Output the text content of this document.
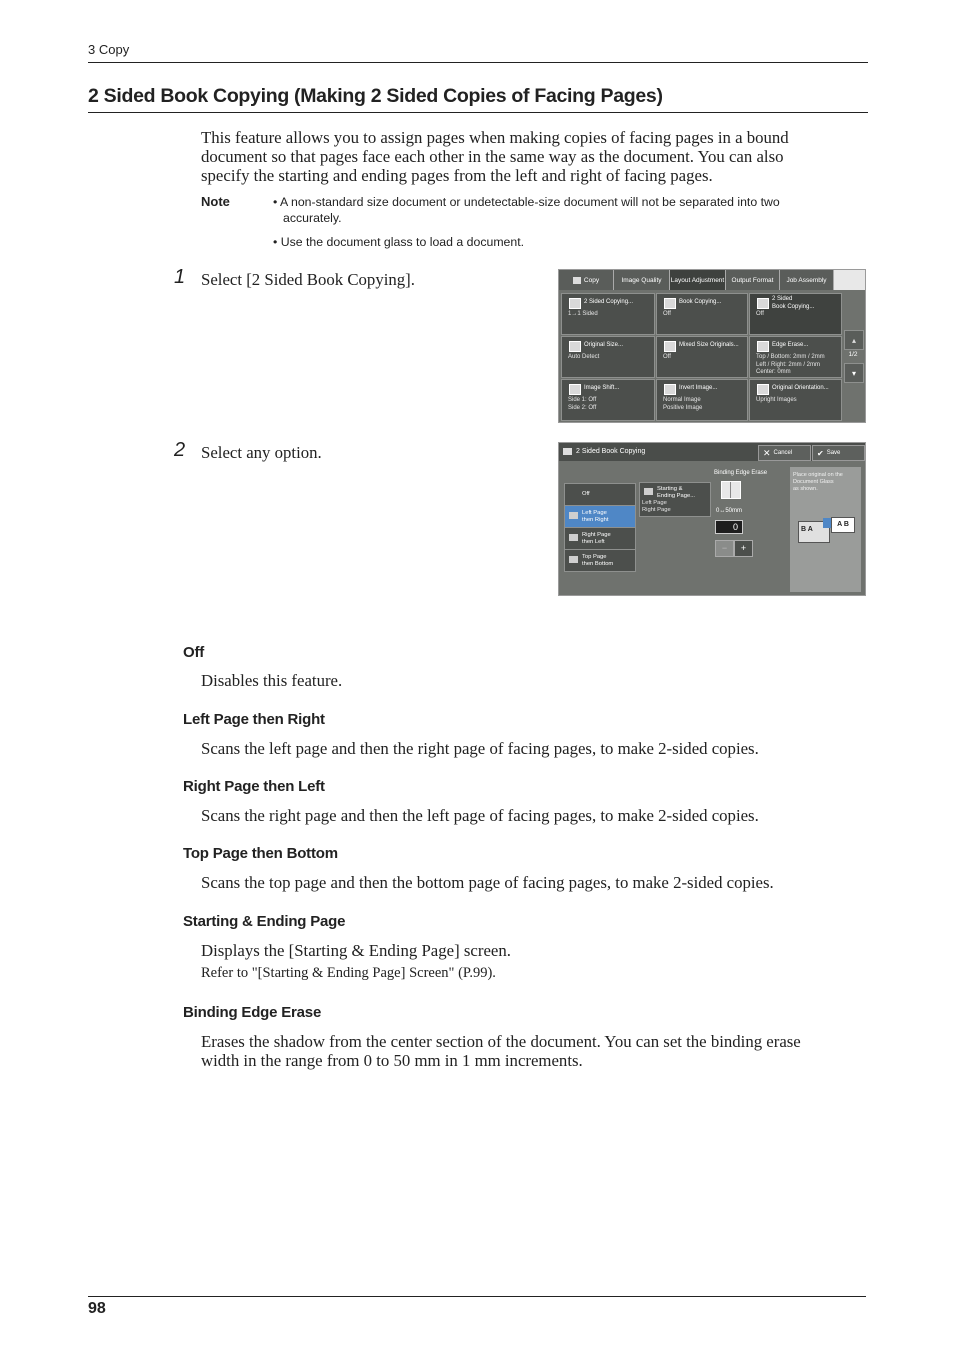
3 Copy
2 Sided Book Copying (Making 2 Sided Copies of Facing Pages)
This feature allows you to assign pages when making copies of facing pages in a bound
document so that pages face each other in the same way as the document. You can also
specify the starting and ending pages from the left and right of facing pages.
Note	• A non-standard size document or undetectable-size document will not be separated into two
accurately.
• Use the document glass to load a document.
1 Select [2 Sided Book Copying].	Copy	Image Quality	Layout Adjustment	Output Format	Job Assembly
2 Sided Copying...
1→1 Sided
Book Copying...
Off
2 Sided
Book Copying...
Off
Original Size...
Auto Detect
Mixed Size Originals...
Off
Edge Erase...
Top / Bottom: 2mm / 2mm
Left / Right: 2mm / 2mm
Center: 0mm
Image Shift...
Side 1: Off
Side 2: Off
Invert Image...
Normal Image
Positive Image
Original Orientation...
Upright Images
▴
1/2
▾
2 Select any option.	2 Sided Book Copying	✕ Cancel	✔ Save
Off
Left Page
then Right
Right Page
then Left
Top Page
then Bottom
Starting &
Ending Page...
Left Page
Right Page
Binding Edge Erase
0↔50mm
0
−	+
Place original on the
Document Glass
as shown.
B A
A B
Off
Disables this feature.
Left Page then Right
Scans the left page and then the right page of facing pages, to make 2-sided copies.
Right Page then Left
Scans the right page and then the left page of facing pages, to make 2-sided copies.
Top Page then Bottom
Scans the top page and then the bottom page of facing pages, to make 2-sided copies.
Starting & Ending Page
Displays the [Starting & Ending Page] screen.
Refer to "[Starting & Ending Page] Screen" (P.99).
Binding Edge Erase
Erases the shadow from the center section of the document. You can set the binding erase
width in the range from 0 to 50 mm in 1 mm increments.
98
